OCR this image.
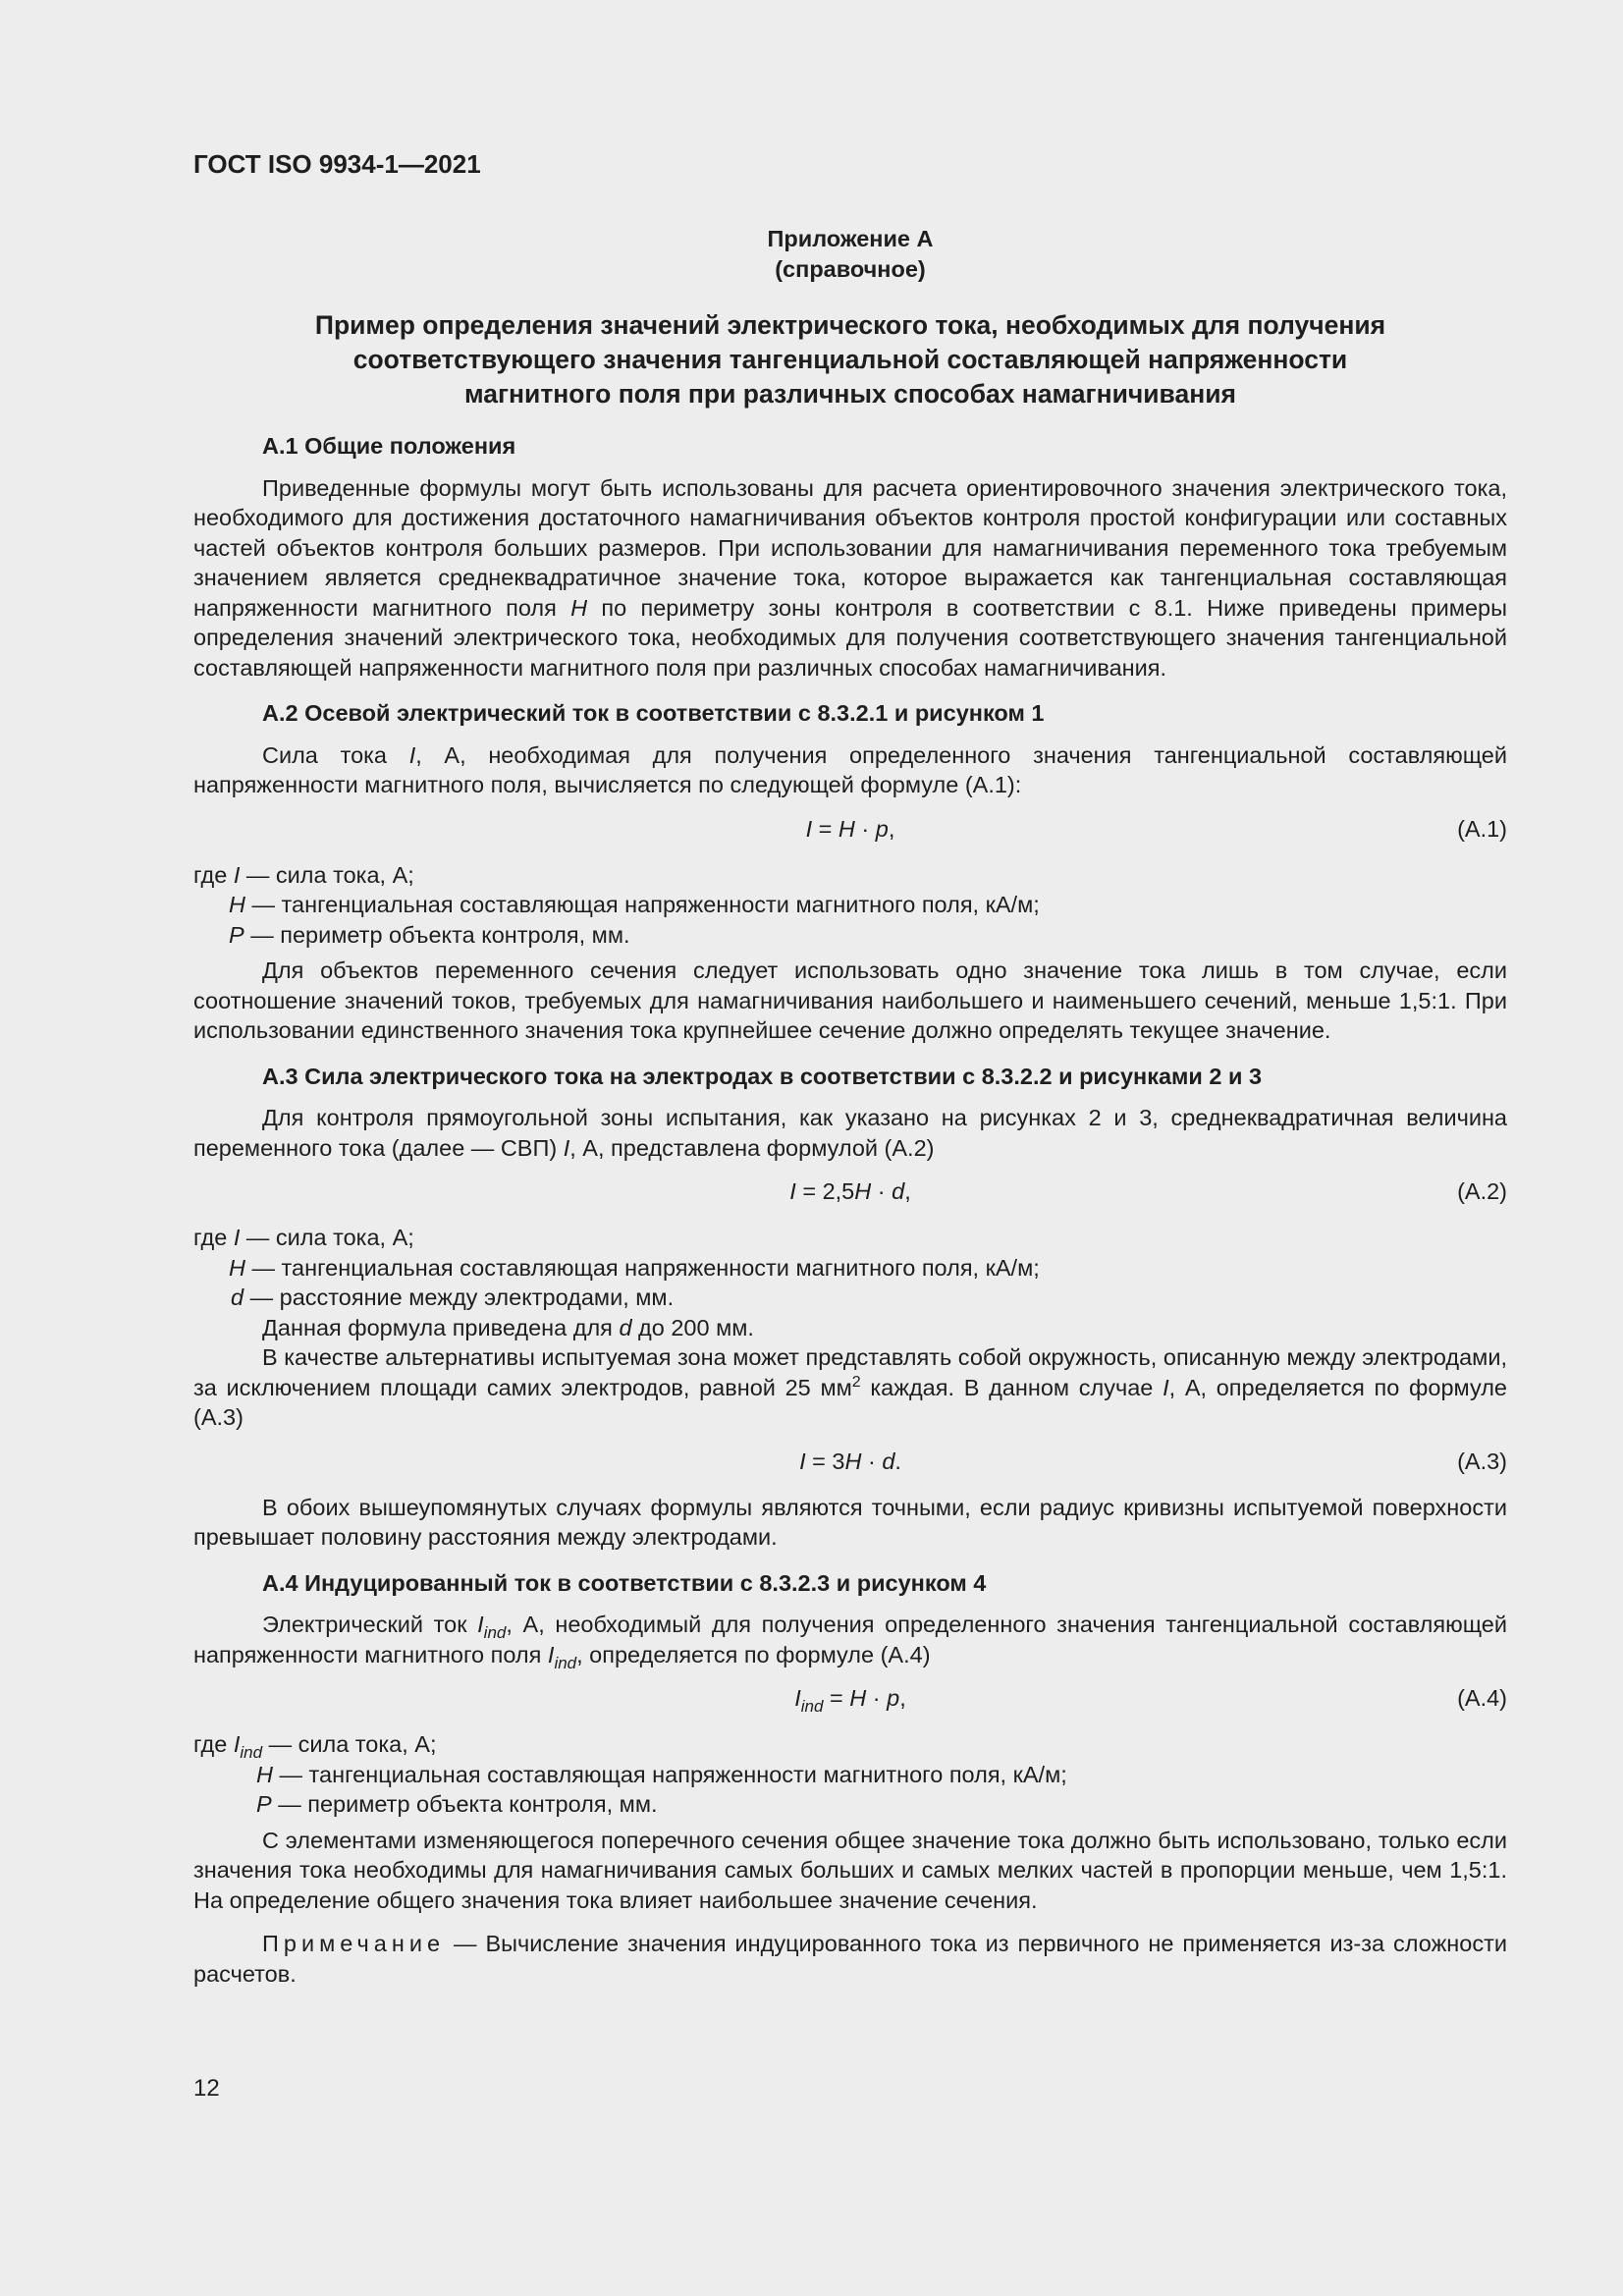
ГОСТ ISO 9934-1—2021
Приложение А
(справочное)
Пример определения значений электрического тока, необходимых для получения
соответствующего значения тангенциальной составляющей напряженности
магнитного поля при различных способах намагничивания
А.1 Общие положения

Приведенные формулы могут быть использованы для расчета ориентировочного значения электрического тока, необходимого для достижения достаточного намагничивания объектов контроля простой конфигурации или составных частей объектов контроля больших размеров. При использовании для намагничивания переменного тока требуемым значением является среднеквадратичное значение тока, которое выражается как тангенциальная составляющая напряженности магнитного поля Н по периметру зоны контроля в соответствии с 8.1. Ниже приведены примеры определения значений электрического тока, необходимых для получения соответствующего значения тангенциальной составляющей напряженности магнитного поля при различных способах намагничивания.

А.2 Осевой электрический ток в соответствии с 8.3.2.1 и рисунком 1

Сила тока I, А, необходимая для получения определенного значения тангенциальной составляющей напряженности магнитного поля, вычисляется по следующей формуле (А.1):

I = H · p,	(А.1)
где I — сила тока, А;
Н — тангенциальная составляющая напряженности магнитного поля, кА/м;
Р — периметр объекта контроля, мм.

Для объектов переменного сечения следует использовать одно значение тока лишь в том случае, если соотношение значений токов, требуемых для намагничивания наибольшего и наименьшего сечений, меньше 1,5:1. При использовании единственного значения тока крупнейшее сечение должно определять текущее значение.

А.3 Сила электрического тока на электродах в соответствии с 8.3.2.2 и рисунками 2 и 3

Для контроля прямоугольной зоны испытания, как указано на рисунках 2 и 3, среднеквадратичная величина переменного тока (далее — СВП) I, А, представлена формулой (А.2)

I = 2,5H · d,	(А.2)
где I — сила тока, А;
Н — тангенциальная составляющая напряженности магнитного поля, кА/м;
d — расстояние между электродами, мм.

Данная формула приведена для d до 200 мм.

В качестве альтернативы испытуемая зона может представлять собой окружность, описанную между электродами, за исключением площади самих электродов, равной 25 $мм^2$ каждая. В данном случае I, А, определяется по формуле (А.3)

I = 3H · d.	(А.3)

В обоих вышеупомянутых случаях формулы являются точными, если радиус кривизны испытуемой поверхности превышает половину расстояния между электродами.

А.4 Индуцированный ток в соответствии с 8.3.2.3 и рисунком 4

Электрический ток $I_{ind}$, А, необходимый для получения определенного значения тангенциальной составляющей напряженности магнитного поля $I_{ind}$, определяется по формуле (А.4)

$I_{ind} = H \cdot p$,	(А.4)
где $I_{ind}$ — сила тока, А;
Н — тангенциальная составляющая напряженности магнитного поля, кА/м;
Р — периметр объекта контроля, мм.

С элементами изменяющегося поперечного сечения общее значение тока должно быть использовано, только если значения тока необходимы для намагничивания самых больших и самых мелких частей в пропорции меньше, чем 1,5:1. На определение общего значения тока влияет наибольшее значение сечения.

Примечание — Вычисление значения индуцированного тока из первичного не применяется из-за сложности расчетов.

12
